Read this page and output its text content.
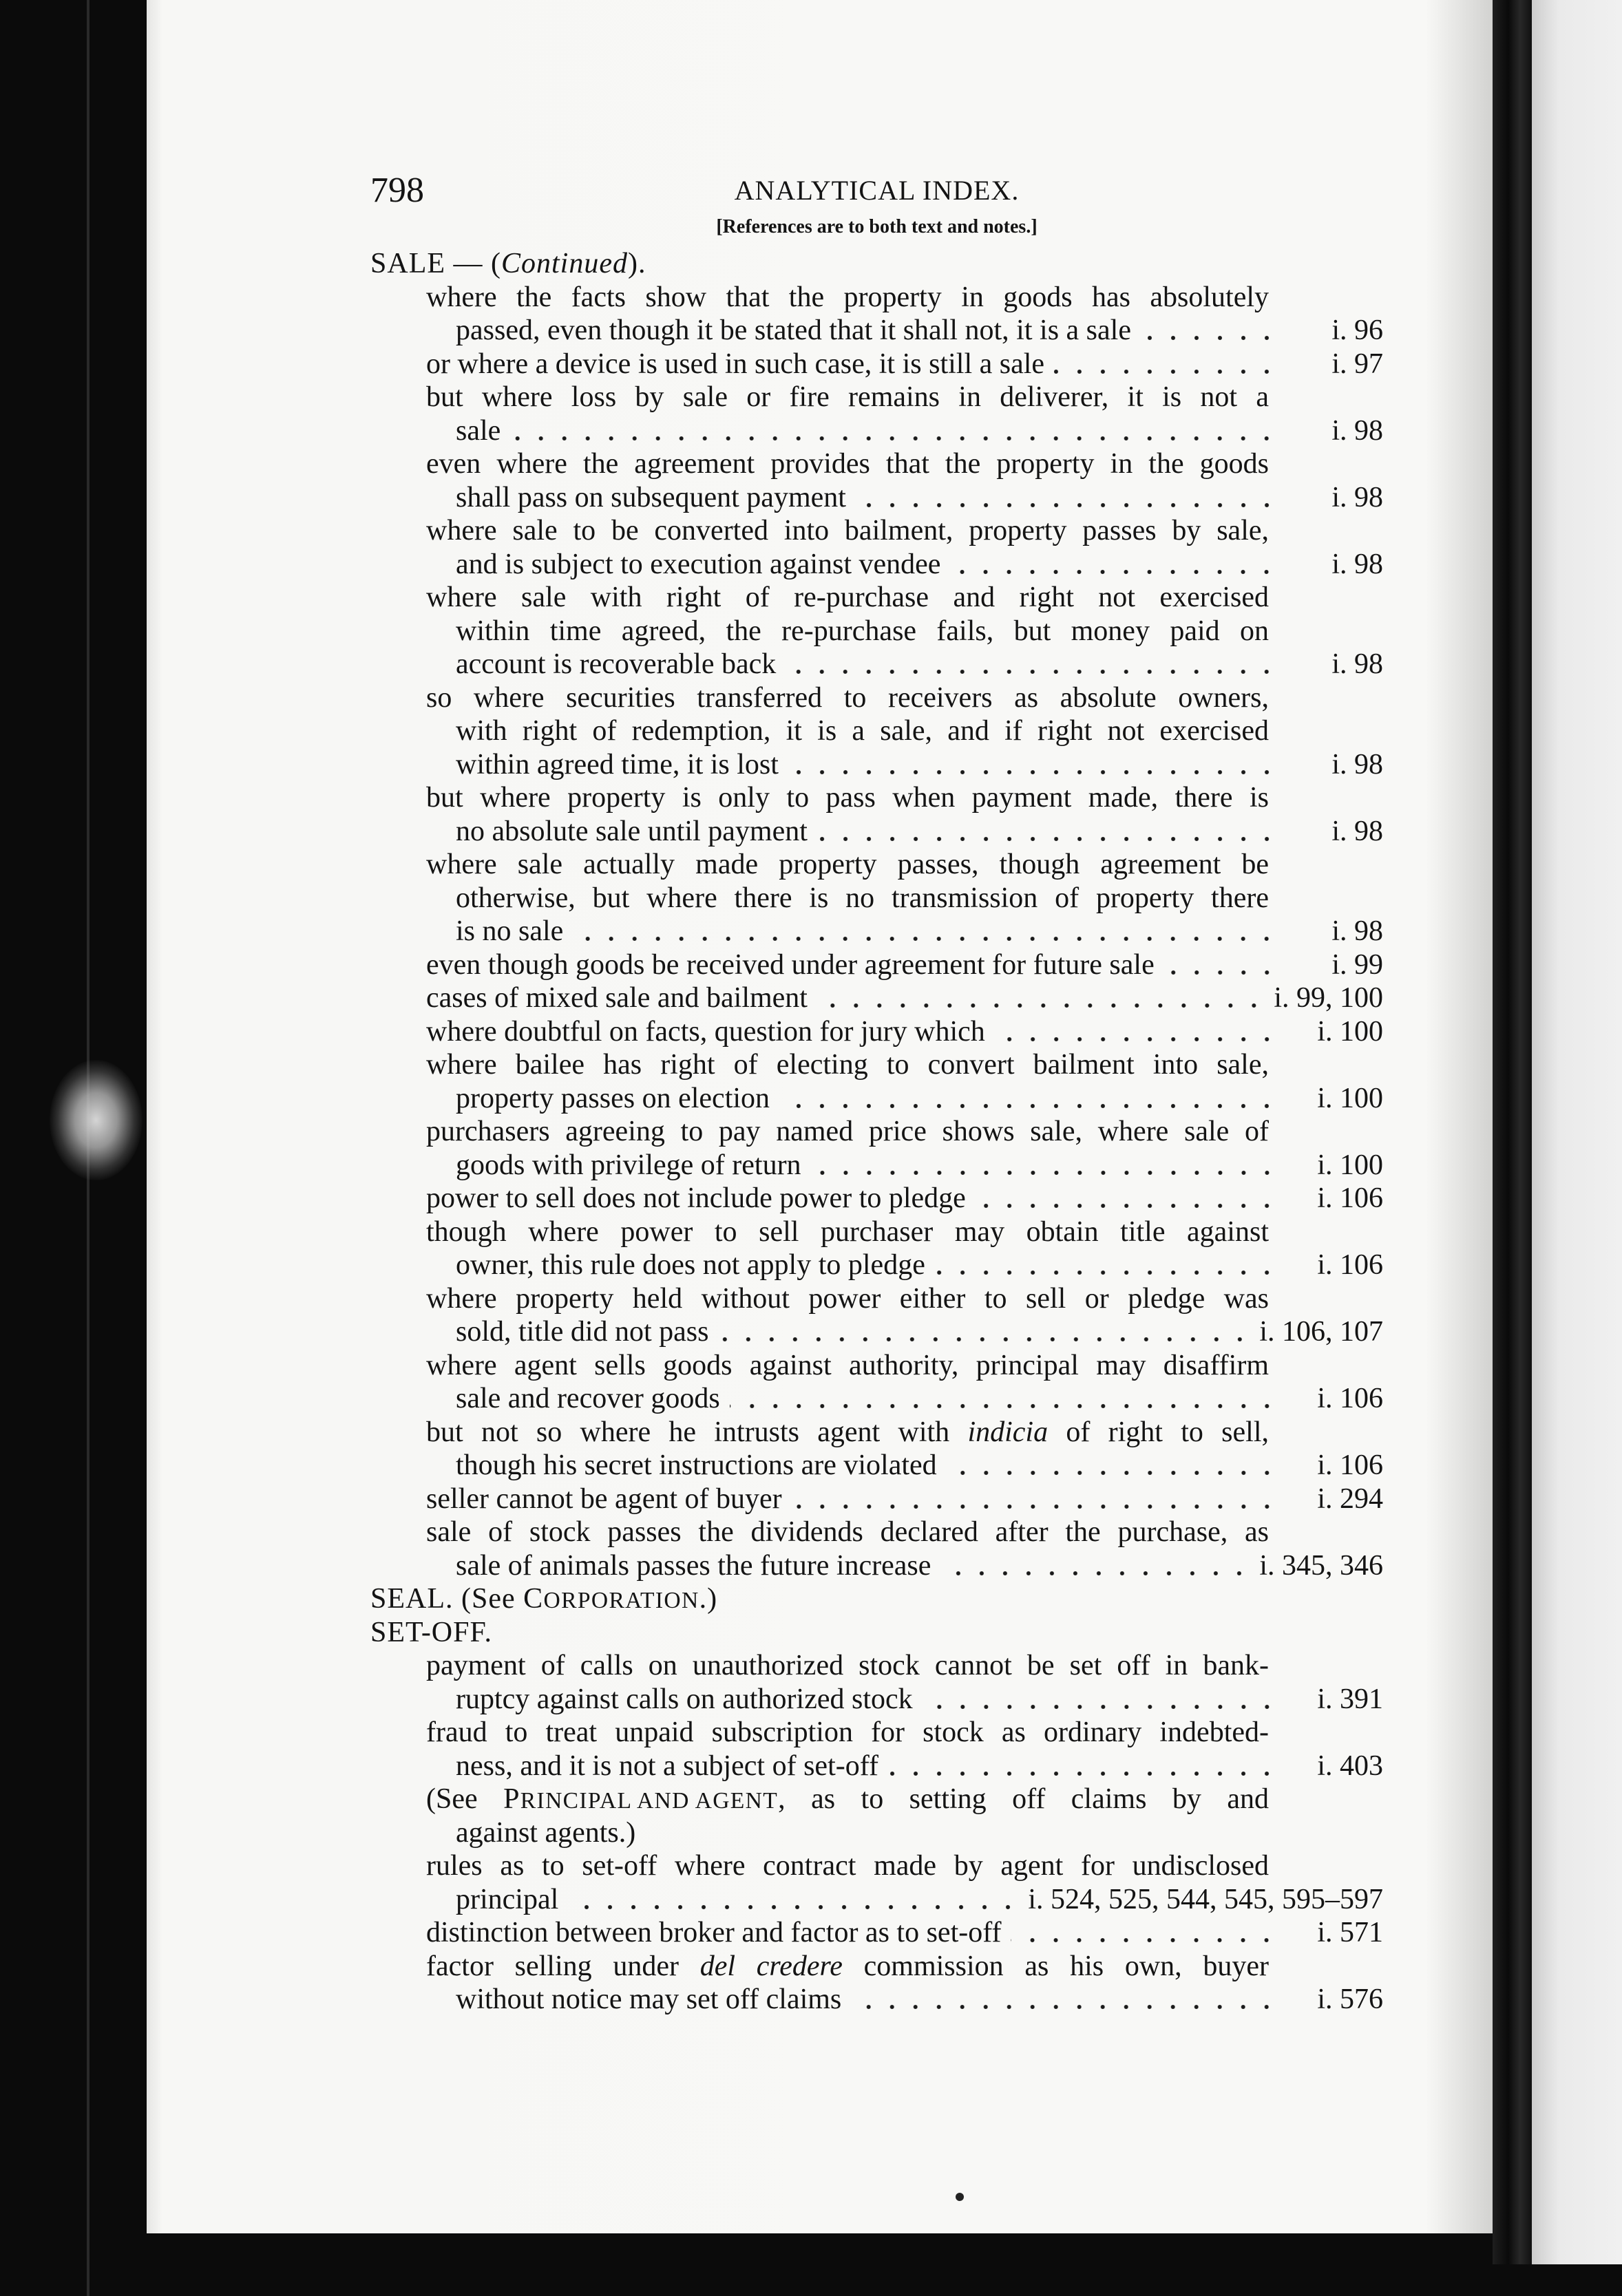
798	ANALYTICAL INDEX.
[References are to both text and notes.]
SALE — (Continued).
where the facts show that the property in goods has absolutely
passed, even though it be stated that it shall not, it is a sale	i. 96
or where a device is used in such case, it is still a sale	i. 97
but where loss by sale or fire remains in deliverer, it is not a
sale	i. 98
even where the agreement provides that the property in the goods
shall pass on subsequent payment	i. 98
where sale to be converted into bailment, property passes by sale,
and is subject to execution against vendee	i. 98
where sale with right of re-purchase and right not exercised
within time agreed, the re-purchase fails, but money paid on
account is recoverable back	i. 98
so where securities transferred to receivers as absolute owners,
with right of redemption, it is a sale, and if right not exercised
within agreed time, it is lost	i. 98
but where property is only to pass when payment made, there is
no absolute sale until payment	i. 98
where sale actually made property passes, though agreement be
otherwise, but where there is no transmission of property there
is no sale	i. 98
even though goods be received under agreement for future sale	i. 99
cases of mixed sale and bailment	i. 99, 100
where doubtful on facts, question for jury which	i. 100
where bailee has right of electing to convert bailment into sale,
property passes on election	i. 100
purchasers agreeing to pay named price shows sale, where sale of
goods with privilege of return	i. 100
power to sell does not include power to pledge	i. 106
though where power to sell purchaser may obtain title against
owner, this rule does not apply to pledge	i. 106
where property held without power either to sell or pledge was
sold, title did not pass	i. 106, 107
where agent sells goods against authority, principal may disaffirm
sale and recover goods	i. 106
but not so where he intrusts agent with indicia of right to sell,
though his secret instructions are violated	i. 106
seller cannot be agent of buyer	i. 294
sale of stock passes the dividends declared after the purchase, as
sale of animals passes the future increase	i. 345, 346
SEAL. (See CORPORATION.)
SET-OFF.
payment of calls on unauthorized stock cannot be set off in bank-
ruptcy against calls on authorized stock	i. 391
fraud to treat unpaid subscription for stock as ordinary indebted-
ness, and it is not a subject of set-off	i. 403
(See PRINCIPAL AND AGENT, as to setting off claims by and
against agents.)
rules as to set-off where contract made by agent for undisclosed
principal	i. 524, 525, 544, 545, 595–597
distinction between broker and factor as to set-off	i. 571
factor selling under del credere commission as his own, buyer
without notice may set off claims	i. 576
